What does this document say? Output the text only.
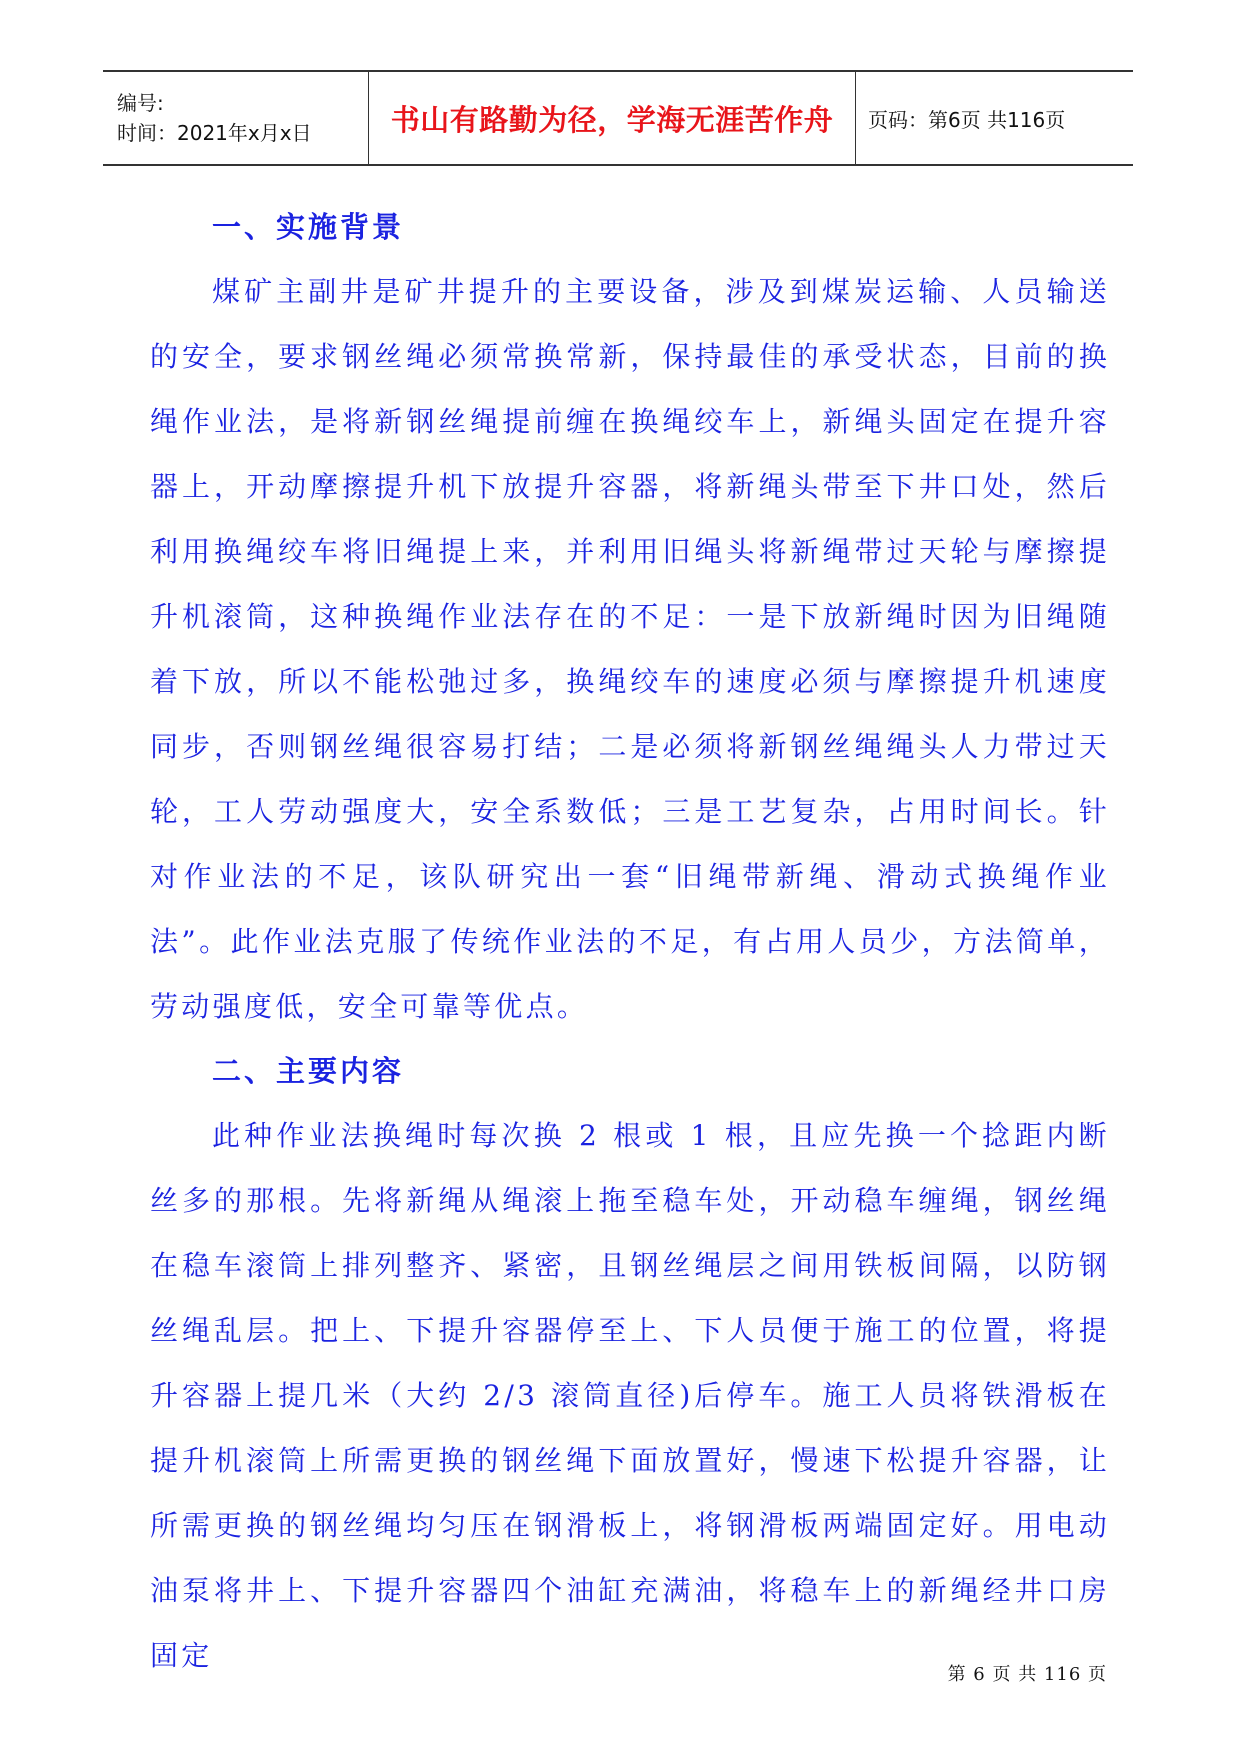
编号:
时间：2021年x月x日	书山有路勤为径，学海无涯苦作舟 页码：第6页 共116页
一、实施背景

煤矿主副井是矿井提升的主要设备，涉及到煤炭运输、人员输送的安全，要求钢丝绳必须常换常新，保持最佳的承受状态，目前的换绳作业法，是将新钢丝绳提前缠在换绳绞车上，新绳头固定在提升容器上，开动摩擦提升机下放提升容器，将新绳头带至下井口处，然后利用换绳绞车将旧绳提上来，并利用旧绳头将新绳带过天轮与摩擦提升机滚筒，这种换绳作业法存在的不足：一是下放新绳时因为旧绳随着下放，所以不能松弛过多，换绳绞车的速度必须与摩擦提升机速度同步，否则钢丝绳很容易打结；二是必须将新钢丝绳绳头人力带过天轮，工人劳动强度大，安全系数低；三是工艺复杂，占用时间长。针对作业法的不足，该队研究出一套“旧绳带新绳、滑动式换绳作业法”。此作业法克服了传统作业法的不足，有占用人员少，方法简单，劳动强度低，安全可靠等优点。

二、主要内容

此种作业法换绳时每次换 2 根或 1 根，且应先换一个捻距内断丝多的那根。先将新绳从绳滚上拖至稳车处，开动稳车缠绳，钢丝绳在稳车滚筒上排列整齐、紧密，且钢丝绳层之间用铁板间隔，以防钢丝绳乱层。把上、下提升容器停至上、下人员便于施工的位置，将提升容器上提几米（大约 2/3 滚筒直径)后停车。施工人员将铁滑板在提升机滚筒上所需更换的钢丝绳下面放置好，慢速下松提升容器，让所需更换的钢丝绳均匀压在钢滑板上，将钢滑板两端固定好。用电动油泵将井上、下提升容器四个油缸充满油，将稳车上的新绳经井口房固定

第 6 页 共 116 页
